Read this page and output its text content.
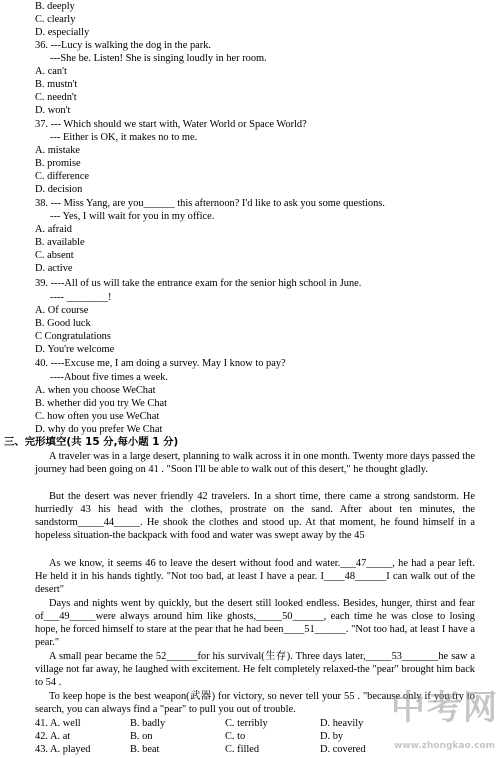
B. deeply
C. clearly
D. especially
36. ---Lucy is walking the dog in the park.
---She be. Listen! She is singing loudly in her room.
A. can't
B. mustn't
C. needn't
D. won't
37. --- Which should we start with, Water World or Space World?
--- Either is OK, it makes no to me.
A. mistake
B. promise
C. difference
D. decision
38. --- Miss Yang, are you______ this afternoon? I'd like to ask you some questions.
--- Yes, I will wait for you in my office.
A. afraid
B. available
C. absent
D. active
39. ----All of us will take the entrance exam for the senior high school in June.
---- ________!
A. Of course
B. Good luck
C Congratulations
D. You're welcome
40. ----Excuse me, I am doing a survey. May I know to pay?
----About five times a week.
A. when you choose WeChat
B. whether did you try We Chat
C. how often you use WeChat
D. why do you prefer We Chat
三、完形填空(共 15 分,每小题 1 分)
A traveler was in a large desert, planning to walk across it in one month. Twenty more days passed the journey had been going on 41 . "Soon I'll be able to walk out of this desert," he thought gladly.
But the desert was never friendly 42 travelers. In a short time, there came a strong sandstorm. He hurriedly 43 his head with the clothes, prostrate on the sand. After about ten minutes, the sandstorm_____44_____. He shook the clothes and stood up. At that moment, he found himself in a hopeless situation-the backpack with food and water was swept away by the 45
As we know, it seems 46 to leave the desert without food and water.___47_____, he had a pear left. He held it in his hands tightly. "Not too bad, at least I have a pear. I____48______I can walk out of the desert"
Days and nights went by quickly, but the desert still looked endless. Besides, hunger, thirst and fear of___49_____were always around him like ghosts,_____50______, each time he was close to losing hope, he forced himself to stare at the pear that he had been____51______. "Not too had, at least I have a pear."
A small pear became the 52______for his survival(生存). Three days later,_____53_______he saw a village not far away, he laughed with excitement. He felt completely relaxed-the "pear" brought him back to 54 .
To keep hope is the best weapon(武器) for victory, so never tell your 55 . "because only if you try to search, you can always find a "pear" to pull you out of trouble.
41. A. well	B. badly	C. terribly	D. heavily
42. A. at	B. on	C. to	D. by
43. A. played	B. beat	C. filled	D. covered
中考网
www.zhongkao.com
